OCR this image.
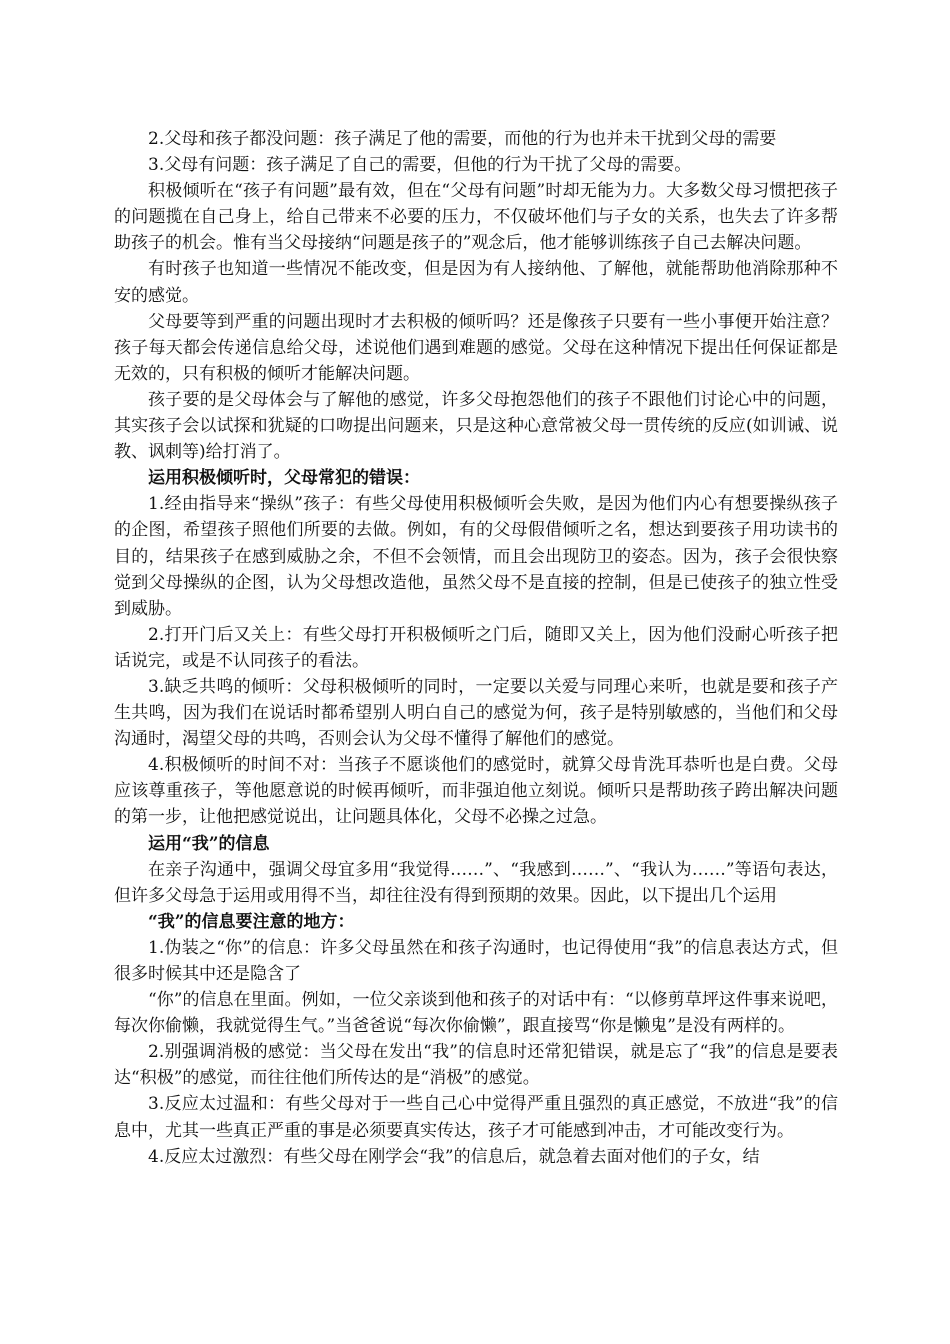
2.父母和孩子都没问题：孩子满足了他的需要，而他的行为也并未干扰到父母的需要

3.父母有问题：孩子满足了自己的需要，但他的行为干扰了父母的需要。

积极倾听在“孩子有问题”最有效，但在“父母有问题”时却无能为力。大多数父母习惯把孩子的问题揽在自己身上，给自己带来不必要的压力，不仅破坏他们与子女的关系，也失去了许多帮助孩子的机会。惟有当父母接纳“问题是孩子的”观念后，他才能够训练孩子自己去解决问题。

有时孩子也知道一些情况不能改变，但是因为有人接纳他、了解他，就能帮助他消除那种不安的感觉。

父母要等到严重的问题出现时才去积极的倾听吗？还是像孩子只要有一些小事便开始注意？孩子每天都会传递信息给父母，述说他们遇到难题的感觉。父母在这种情况下提出任何保证都是无效的，只有积极的倾听才能解决问题。

孩子要的是父母体会与了解他的感觉，许多父母抱怨他们的孩子不跟他们讨论心中的问题，其实孩子会以试探和犹疑的口吻提出问题来，只是这种心意常被父母一贯传统的反应(如训诫、说教、讽刺等)给打消了。

运用积极倾听时，父母常犯的错误：

1.经由指导来“操纵”孩子：有些父母使用积极倾听会失败，是因为他们内心有想要操纵孩子的企图，希望孩子照他们所要的去做。例如，有的父母假借倾听之名，想达到要孩子用功读书的目的，结果孩子在感到威胁之余，不但不会领情，而且会出现防卫的姿态。因为，孩子会很快察觉到父母操纵的企图，认为父母想改造他，虽然父母不是直接的控制，但是已使孩子的独立性受到威胁。

2.打开门后又关上：有些父母打开积极倾听之门后，随即又关上，因为他们没耐心听孩子把话说完，或是不认同孩子的看法。

3.缺乏共鸣的倾听：父母积极倾听的同时，一定要以关爱与同理心来听，也就是要和孩子产生共鸣，因为我们在说话时都希望别人明白自己的感觉为何，孩子是特别敏感的，当他们和父母沟通时，渴望父母的共鸣，否则会认为父母不懂得了解他们的感觉。

4.积极倾听的时间不对：当孩子不愿谈他们的感觉时，就算父母肯洗耳恭听也是白费。父母应该尊重孩子，等他愿意说的时候再倾听，而非强迫他立刻说。倾听只是帮助孩子跨出解决问题的第一步，让他把感觉说出，让问题具体化，父母不必操之过急。

运用“我”的信息

在亲子沟通中，强调父母宜多用“我觉得……”、“我感到……”、“我认为……”等语句表达，但许多父母急于运用或用得不当，却往往没有得到预期的效果。因此，以下提出几个运用

“我”的信息要注意的地方：

1.伪装之“你”的信息：许多父母虽然在和孩子沟通时，也记得使用“我”的信息表达方式，但很多时候其中还是隐含了

“你”的信息在里面。例如，一位父亲谈到他和孩子的对话中有：“以修剪草坪这件事来说吧，每次你偷懒，我就觉得生气。”当爸爸说“每次你偷懒”，跟直接骂“你是懒鬼”是没有两样的。

2.别强调消极的感觉：当父母在发出“我”的信息时还常犯错误，就是忘了“我”的信息是要表达“积极”的感觉，而往往他们所传达的是“消极”的感觉。

3.反应太过温和：有些父母对于一些自己心中觉得严重且强烈的真正感觉，不放进“我”的信息中，尤其一些真正严重的事是必须要真实传达，孩子才可能感到冲击，才可能改变行为。

4.反应太过激烈：有些父母在刚学会“我”的信息后，就急着去面对他们的子女，结
